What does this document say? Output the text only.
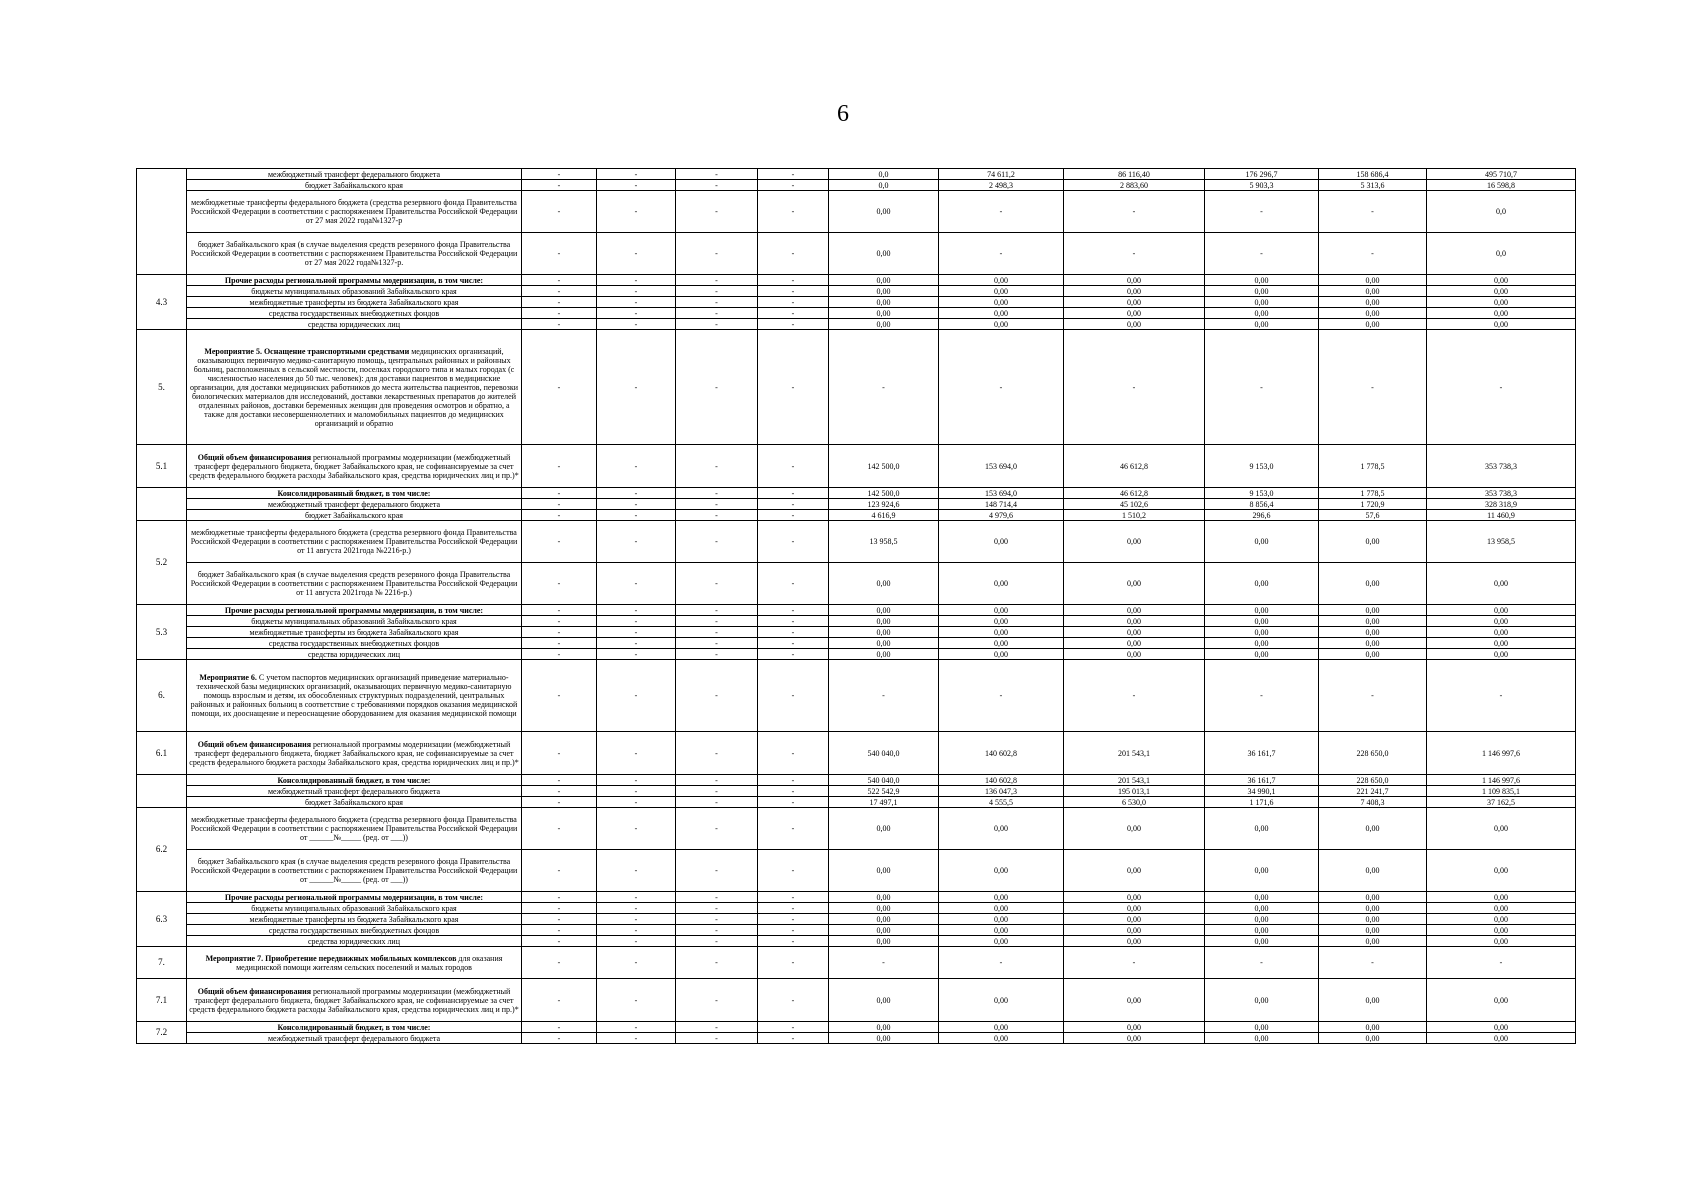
6
	межбюджетный трансферт федерального бюджета	-	-	-	-	0,0	74 611,2	86 116,40	176 296,7	158 686,4	495 710,7
	бюджет Забайкальского края	-	-	-	-	0,0	2 498,3	2 883,60	5 903,3	5 313,6	16 598,8
	межбюджетные трансферты федерального бюджета (средства резервного фонда Правительства Российской Федерации в соответствии с распоряжением Правительства Российской Федерации от 27 мая 2022 года№1327-р	-	-	-	-	0,00	-	-	-	-	0,0
	бюджет Забайкальского края (в случае выделения средств резервного фонда Правительства Российской Федерации в соответствии с распоряжением Правительства Российской Федерации от 27 мая 2022 года№1327-р.	-	-	-	-	0,00	-	-	-	-	0,0
4.3	Прочие расходы региональной программы модернизации, в том числе:	-	-	-	-	0,00	0,00	0,00	0,00	0,00	0,00
	бюджеты муниципальных образований Забайкальского края	-	-	-	-	0,00	0,00	0,00	0,00	0,00	0,00
	межбюджетные трансферты из бюджета Забайкальского края	-	-	-	-	0,00	0,00	0,00	0,00	0,00	0,00
	средства государственных внебюджетных фондов	-	-	-	-	0,00	0,00	0,00	0,00	0,00	0,00
	средства юридических лиц	-	-	-	-	0,00	0,00	0,00	0,00	0,00	0,00
5.	Мероприятие 5. Оснащение транспортными средствами медицинских организаций, оказывающих первичную медико-санитарную помощь, центральных районных и районных больниц, расположенных в сельской местности, поселках городского типа и малых городах (с численностью населения до 50 тыс. человек): для доставки пациентов в медицинские организации, для доставки медицинских работников до места жительства пациентов, перевозки биологических материалов для исследований, доставки лекарственных препаратов до жителей отдаленных районов, доставки беременных женщин для проведения осмотров и обратно, а также для доставки несовершеннолетних и маломобильных пациентов до медицинских организаций и обратно	-	-	-	-	-	-	-	-	-	-
5.1	Общий объем финансирования региональной программы модернизации (межбюджетный трансферт федерального бюджета, бюджет Забайкальского края, не софинансируемые за счет средств федерального бюджета расходы Забайкальского края, средства юридических лиц и пр.)*	-	-	-	-	142 500,0	153 694,0	46 612,8	9 153,0	1 778,5	353 738,3
	Консолидированный бюджет, в том числе:	-	-	-	-	142 500,0	153 694,0	46 612,8	9 153,0	1 778,5	353 738,3
	межбюджетный трансферт федерального бюджета	-	-	-	-	123 924,6	148 714,4	45 102,6	8 856,4	1 720,9	328 318,9
	бюджет Забайкальского края	-	-	-	-	4 616,9	4 979,6	1 510,2	296,6	57,6	11 460,9
5.2	межбюджетные трансферты федерального бюджета (средства резервного фонда Правительства Российской Федерации в соответствии с распоряжением Правительства Российской Федерации от 11 августа 2021года №2216-р.)	-	-	-	-	13 958,5	0,00	0,00	0,00	0,00	13 958,5
	бюджет Забайкальского края (в случае выделения средств резервного фонда Правительства Российской Федерации в соответствии с распоряжением Правительства Российской Федерации от 11 августа 2021года № 2216-р.)	-	-	-	-	0,00	0,00	0,00	0,00	0,00	0,00
5.3	Прочие расходы региональной программы модернизации, в том числе:	-	-	-	-	0,00	0,00	0,00	0,00	0,00	0,00
	бюджеты муниципальных образований Забайкальского края	-	-	-	-	0,00	0,00	0,00	0,00	0,00	0,00
	межбюджетные трансферты из бюджета Забайкальского края	-	-	-	-	0,00	0,00	0,00	0,00	0,00	0,00
	средства государственных внебюджетных фондов	-	-	-	-	0,00	0,00	0,00	0,00	0,00	0,00
	средства юридических лиц	-	-	-	-	0,00	0,00	0,00	0,00	0,00	0,00
6.	Мероприятие 6. С учетом паспортов медицинских организаций приведение материально-технической базы медицинских организаций, оказывающих первичную медико-санитарную помощь взрослым и детям, их обособленных структурных подразделений, центральных районных и районных больниц в соответствие с требованиями порядков оказания медицинской помощи, их дооснащение и переоснащение оборудованием для оказания медицинской помощи	-	-	-	-	-	-	-	-	-	-
6.1	Общий объем финансирования региональной программы модернизации (межбюджетный трансферт федерального бюджета, бюджет Забайкальского края, не софинансируемые за счет средств федерального бюджета расходы Забайкальского края, средства юридических лиц и пр.)*	-	-	-	-	540 040,0	140 602,8	201 543,1	36 161,7	228 650,0	1 146 997,6
	Консолидированный бюджет, в том числе:	-	-	-	-	540 040,0	140 602,8	201 543,1	36 161,7	228 650,0	1 146 997,6
	межбюджетный трансферт федерального бюджета	-	-	-	-	522 542,9	136 047,3	195 013,1	34 990,1	221 241,7	1 109 835,1
	бюджет Забайкальского края	-	-	-	-	17 497,1	4 555,5	6 530,0	1 171,6	7 408,3	37 162,5
6.2	межбюджетные трансферты федерального бюджета (средства резервного фонда Правительства Российской Федерации в соответствии с распоряжением Правительства Российской Федерации от ______№_____ (ред. от ___))	-	-	-	-	0,00	0,00	0,00	0,00	0,00	0,00
	бюджет Забайкальского края (в случае выделения средств резервного фонда Правительства Российской Федерации в соответствии с распоряжением Правительства Российской Федерации от ______№_____ (ред. от ___))	-	-	-	-	0,00	0,00	0,00	0,00	0,00	0,00
6.3	Прочие расходы региональной программы модернизации, в том числе:	-	-	-	-	0,00	0,00	0,00	0,00	0,00	0,00
	бюджеты муниципальных образований Забайкальского края	-	-	-	-	0,00	0,00	0,00	0,00	0,00	0,00
	межбюджетные трансферты из бюджета Забайкальского края	-	-	-	-	0,00	0,00	0,00	0,00	0,00	0,00
	средства государственных внебюджетных фондов	-	-	-	-	0,00	0,00	0,00	0,00	0,00	0,00
	средства юридических лиц	-	-	-	-	0,00	0,00	0,00	0,00	0,00	0,00
7.	Мероприятие 7. Приобретение передвижных мобильных комплексов для оказания медицинской помощи жителям сельских поселений и малых городов	-	-	-	-	-	-	-	-	-	-
7.1	Общий объем финансирования региональной программы модернизации (межбюджетный трансферт федерального бюджета, бюджет Забайкальского края, не софинансируемые за счет средств федерального бюджета расходы Забайкальского края, средства юридических лиц и пр.)*	-	-	-	-	0,00	0,00	0,00	0,00	0,00	0,00
7.2	Консолидированный бюджет, в том числе:	-	-	-	-	0,00	0,00	0,00	0,00	0,00	0,00
	межбюджетный трансферт федерального бюджета	-	-	-	-	0,00	0,00	0,00	0,00	0,00	0,00
